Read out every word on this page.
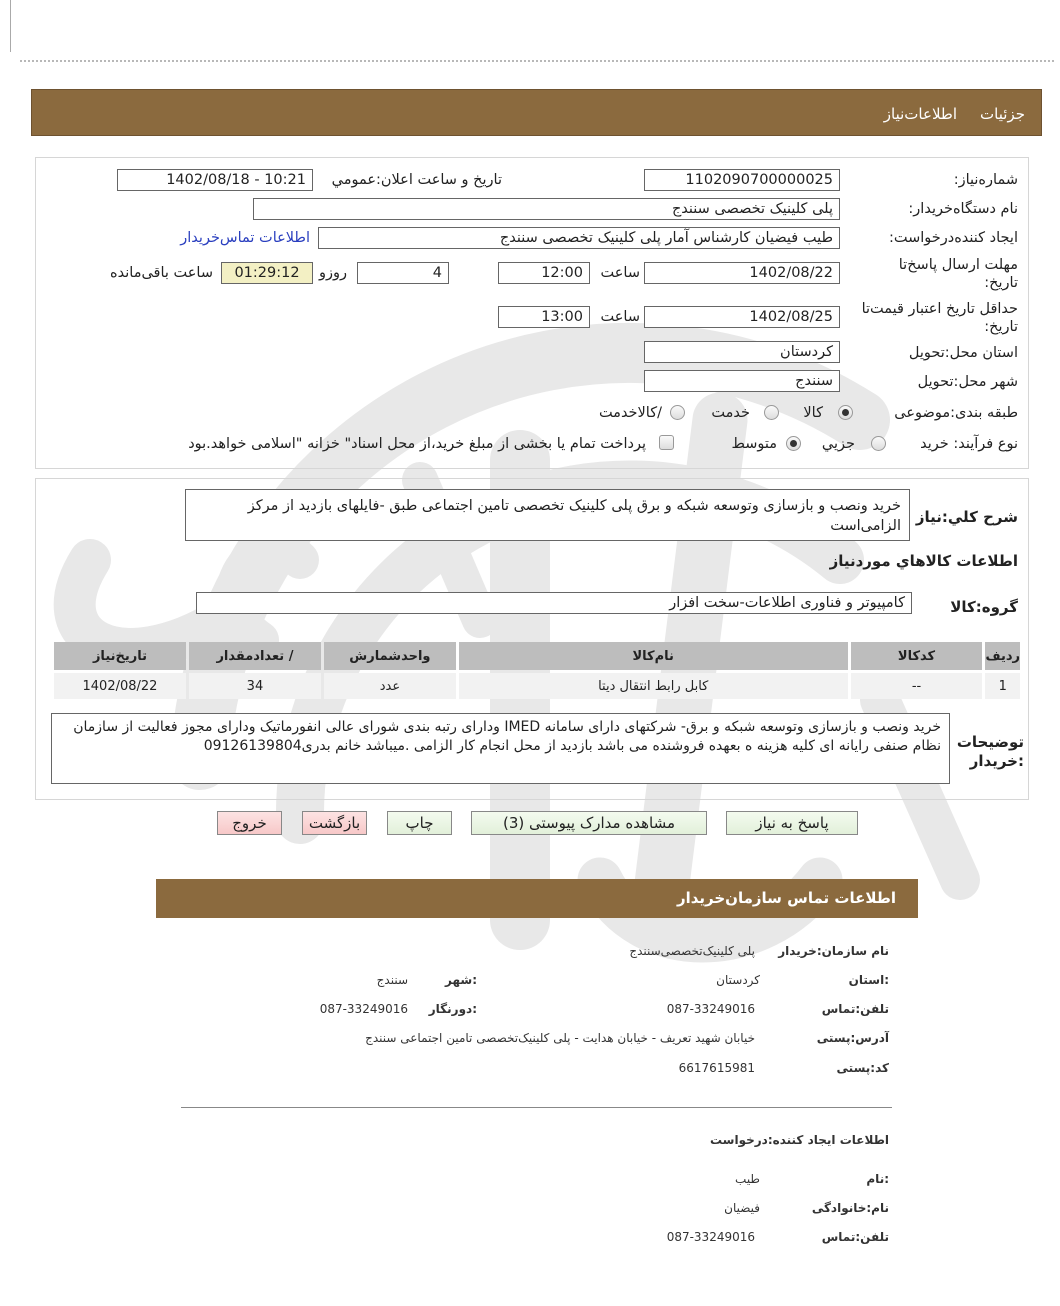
جزئیات
اطلاعات‌نیاز
شماره‌نیاز:
1102090700000025
تاریخ و ساعت اعلان:عمومي
1402/08/18 - 10:21
نام دستگاه‌خریدار:
پلی کلینیک تخصصی سنندج
ایجاد کننده‌درخواست:
طیب فیضیان کارشناس آمار پلی کلینیک تخصصی سنندج
اطلاعات تماس‌خریدار
مهلت ارسال پاسخ‌تا
تاریخ:
1402/08/22
ساعت
12:00
4
روزو
01:29:12
ساعت باقی‌مانده
حداقل تاریخ اعتبار قیمت‌تا
تاریخ:
1402/08/25
ساعت
13:00
استان محل:تحویل
کردستان
شهر محل:تحویل
سنندج
طبقه بندی:موضوعی
کالا
خدمت
/کالاخدمت
نوع فرآیند: خرید
جزیي
متوسط
پرداخت تمام یا بخشی از مبلغ خرید،از محل اسناد" خزانه "اسلامی خواهد.بود
شرح کلي:نیاز
خرید ونصب و بازسازی وتوسعه شبکه و برق پلی کلینیک تخصصی تامین اجتماعی طبق -فایلهای بازدید از مرکز الزامی‌است
اطلاعات کالاهاي موردنیاز
گروه:کالا
کامپیوتر و فناوری اطلاعات-سخت افزار
ردیف	کدکالا	نام‌کالا	واحدشمارش	/ تعدادمقدار	تاریخ‌نیاز
1	--	کابل رابط انتقال دیتا	عدد	34	1402/08/22
توضیحات
:خریدار
خرید ونصب و بازسازی وتوسعه شبکه و برق- شرکتهای دارای سامانه IMED ودارای رتبه بندی شورای عالی انفورماتیک ودارای مجوز فعالیت از سازمان نظام صنفی رایانه ای کلیه هزینه ه بعهده فروشنده می باشد بازدید از محل انجام کار الزامی .میباشد خانم بدری09126139804
پاسخ به نیاز
مشاهده مدارک پیوستی (3)
چاپ
بازگشت
خروج
اطلاعات تماس سازمان‌خریدار
نام سازمان:خریدار
پلی کلینیک‌تخصصی‌سنندج
:استان
کردستان
:شهر
سنندج
تلفن:تماس
087-33249016
:دورنگار
087-33249016
آدرس:پستی
خیابان شهید تعریف - خیابان هدایت - پلی کلینیک‌تخصصی تامین اجتماعی سنندج
کد:پستی
6617615981
اطلاعات ایجاد کننده:درخواست
:نام
طیب
نام:خانوادگی
فیضیان
تلفن:تماس
087-33249016
